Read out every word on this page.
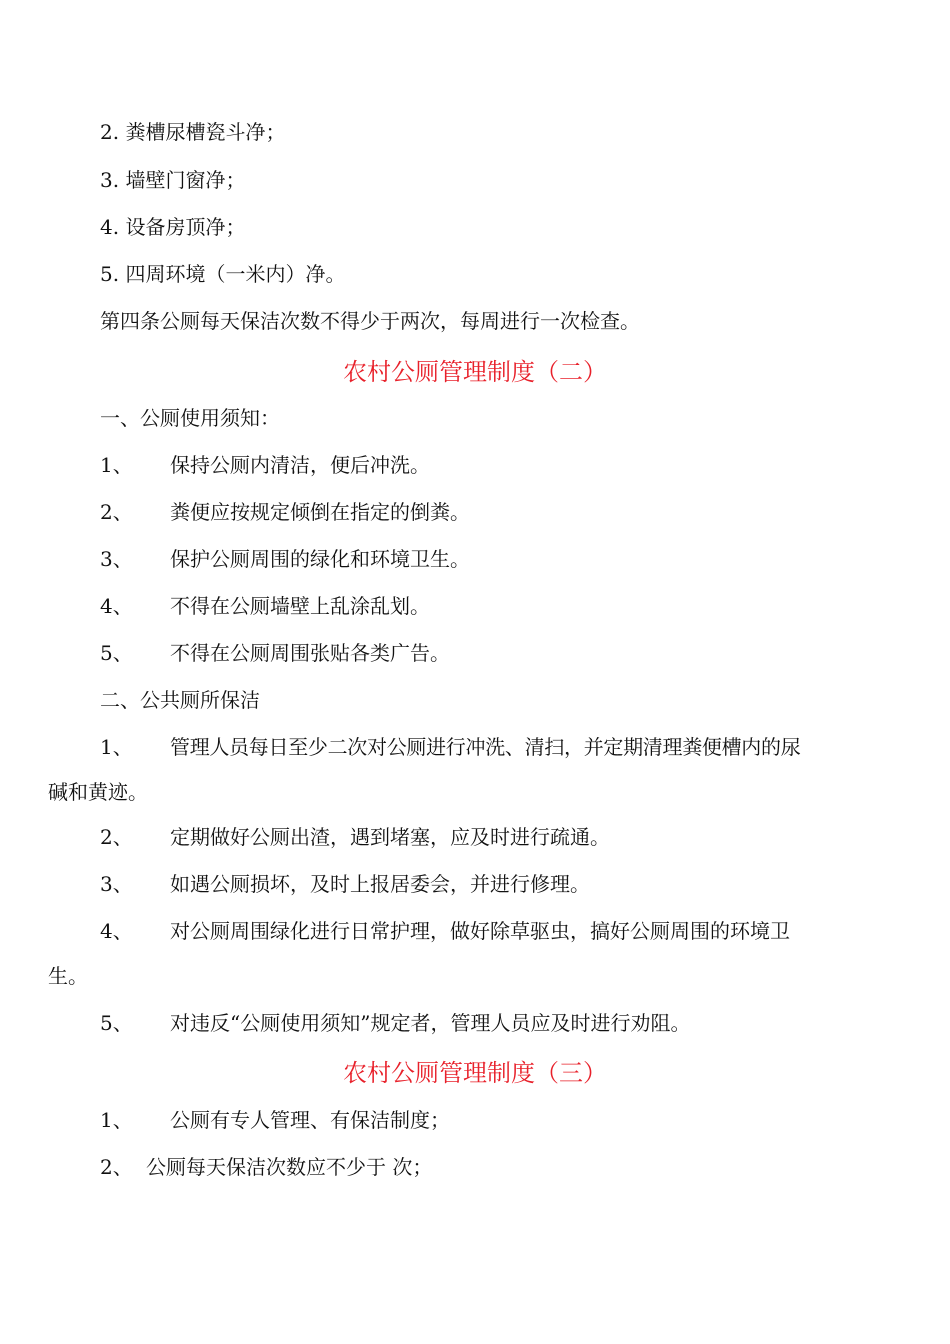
2. 粪槽尿槽瓷斗净；
3. 墙壁门窗净；
4. 设备房顶净；
5. 四周环境（一米内）净。
第四条公厕每天保洁次数不得少于两次，每周进行一次检查。
农村公厕管理制度（二）
一、公厕使用须知：
1、 保持公厕内清洁，便后冲洗。
2、 粪便应按规定倾倒在指定的倒粪。
3、 保护公厕周围的绿化和环境卫生。
4、 不得在公厕墙壁上乱涂乱划。
5、 不得在公厕周围张贴各类广告。
二、公共厕所保洁
1、 管理人员每日至少二次对公厕进行冲洗、清扫，并定期清理粪便槽内的尿
碱和黄迹。
2、 定期做好公厕出渣，遇到堵塞，应及时进行疏通。
3、 如遇公厕损坏，及时上报居委会，并进行修理。
4、 对公厕周围绿化进行日常护理，做好除草驱虫，搞好公厕周围的环境卫
生。
5、 对违反“公厕使用须知”规定者，管理人员应及时进行劝阻。
农村公厕管理制度（三）
1、 公厕有专人管理、有保洁制度；
2、 公厕每天保洁次数应不少于 次；
